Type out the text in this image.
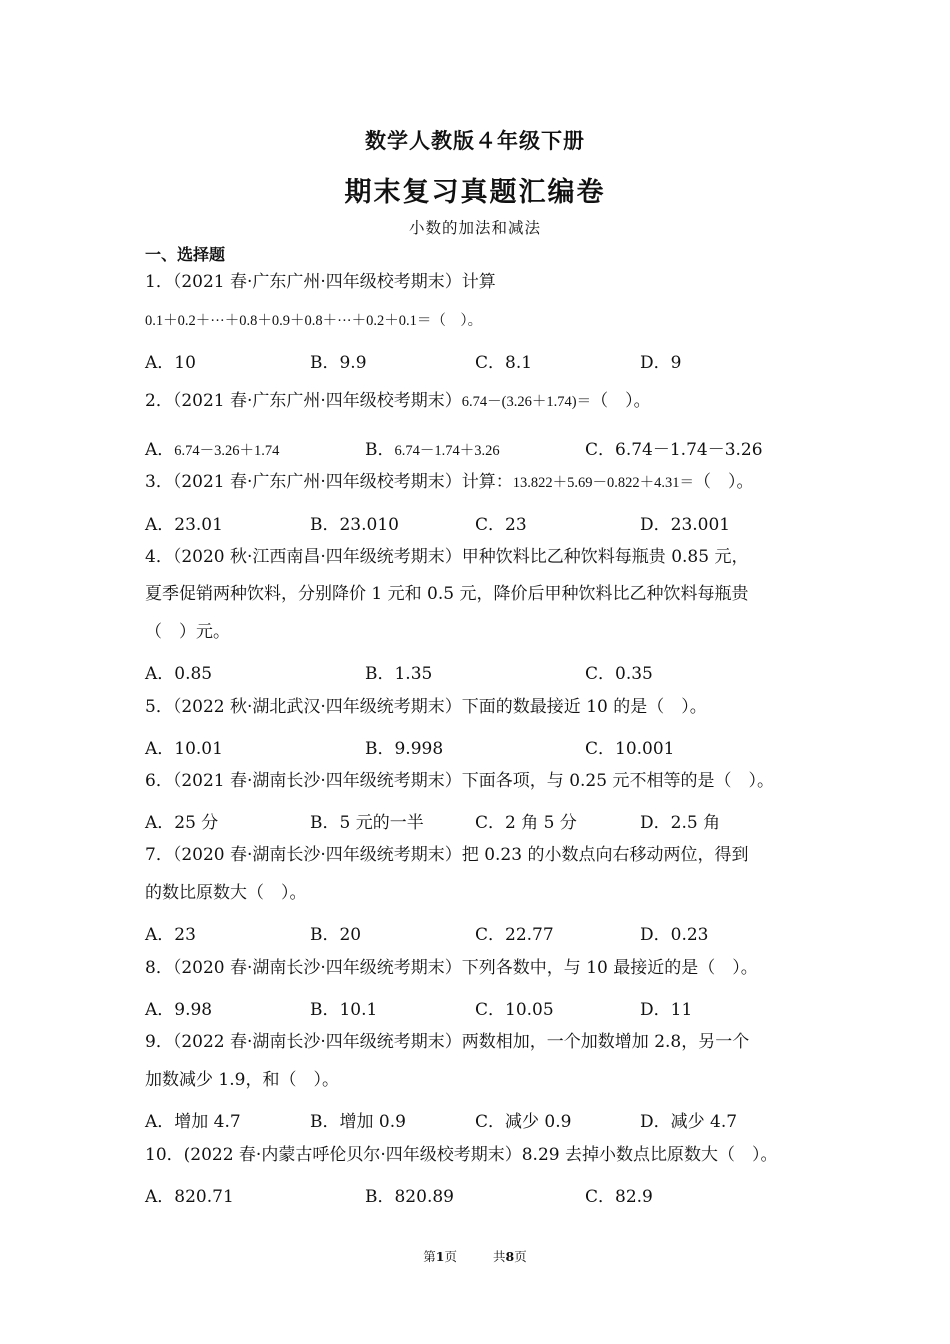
数学人教版４年级下册
期末复习真题汇编卷
小数的加法和减法
一、选择题
1．（2021 春·广东广州·四年级校考期末）计算
0.1＋0.2＋···＋0.8＋0.9＋0.8＋···＋0.2＋0.1＝（　）。
A．10	B．9.9	C．8.1	D．9
2．（2021 春·广东广州·四年级校考期末）6.74－(3.26＋1.74)＝（　）。
A．6.74－3.26＋1.74	B．6.74－1.74＋3.26	C．6.74－1.74－3.26
3．（2021 春·广东广州·四年级校考期末）计算：13.822＋5.69－0.822＋4.31＝（　）。
A．23.01	B．23.010	C．23	D．23.001
4．（2020 秋·江西南昌·四年级统考期末）甲种饮料比乙种饮料每瓶贵 0.85 元，
夏季促销两种饮料，分别降价 1 元和 0.5 元，降价后甲种饮料比乙种饮料每瓶贵
（　）元。
A．0.85	B．1.35	C．0.35
5．（2022 秋·湖北武汉·四年级统考期末）下面的数最接近 10 的是（　）。
A．10.01	B．9.998	C．10.001
6．（2021 春·湖南长沙·四年级统考期末）下面各项，与 0.25 元不相等的是（　）。
A．25 分	B．5 元的一半	C．2 角 5 分	D．2.5 角
7．（2020 春·湖南长沙·四年级统考期末）把 0.23 的小数点向右移动两位，得到
的数比原数大（　）。
A．23	B．20	C．22.77	D．0.23
8．（2020 春·湖南长沙·四年级统考期末）下列各数中，与 10 最接近的是（　）。
A．9.98	B．10.1	C．10.05	D．11
9．（2022 春·湖南长沙·四年级统考期末）两数相加，一个加数增加 2.8，另一个
加数减少 1.9，和（　）。
A．增加 4.7	B．增加 0.9	C．减少 0.9	D．减少 4.7
10．(2022 春·内蒙古呼伦贝尔·四年级校考期末）8.29 去掉小数点比原数大（　）。
A．820.71	B．820.89	C．82.9
第1页	共8页
